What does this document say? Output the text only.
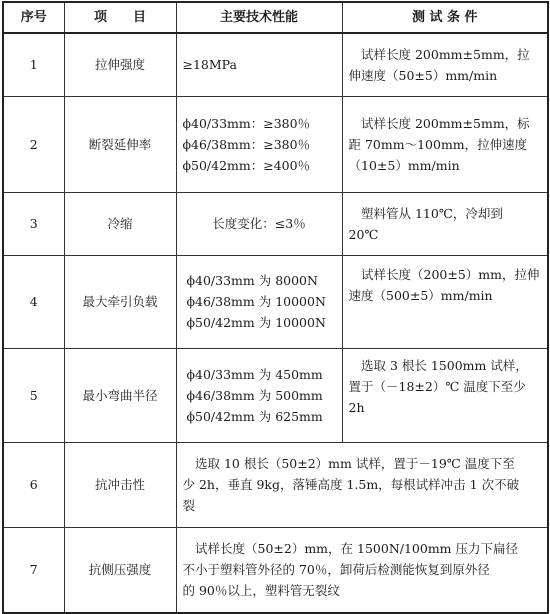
序号	项　　目	主要技术性能	测 试 条 件
1	拉伸强度	≥18MPa	　试样长度 200mm±5mm，拉
伸速度（50±5）mm/min

2	断裂延伸率	ϕ40/33mm：≥380％
ϕ46/38mm：≥380％
ϕ50/42mm：≥400％	　试样长度 200mm±5mm，标
距 70mm～100mm，拉伸速度
（10±5）mm/min

3	冷缩	长度变化：≤3％	　塑料管从 110℃，冷却到
20℃

4	最大牵引负载	ϕ40/33mm 为 8000N
ϕ46/38mm 为 10000N
ϕ50/42mm 为 10000N	　试样长度（200±5）mm，拉伸
速度（500±5）mm/min

5	最小弯曲半径	ϕ40/33mm 为 450mm
ϕ46/38mm 为 500mm
ϕ50/42mm 为 625mm	　选取 3 根长 1500mm 试样，
置于（－18±2）℃ 温度下至少
2h

6	抗冲击性	　选取 10 根长（50±2）mm 试样，置于－19℃ 温度下至
少 2h，垂直 9kg，落锤高度 1.5m，每根试样冲击 1 次不破
裂	

7	抗侧压强度	　试样长度（50±2）mm，在 1500N/100mm 压力下扁径
不小于塑料管外径的 70％，卸荷后检测能恢复到原外径
的 90％以上，塑料管无裂纹	
